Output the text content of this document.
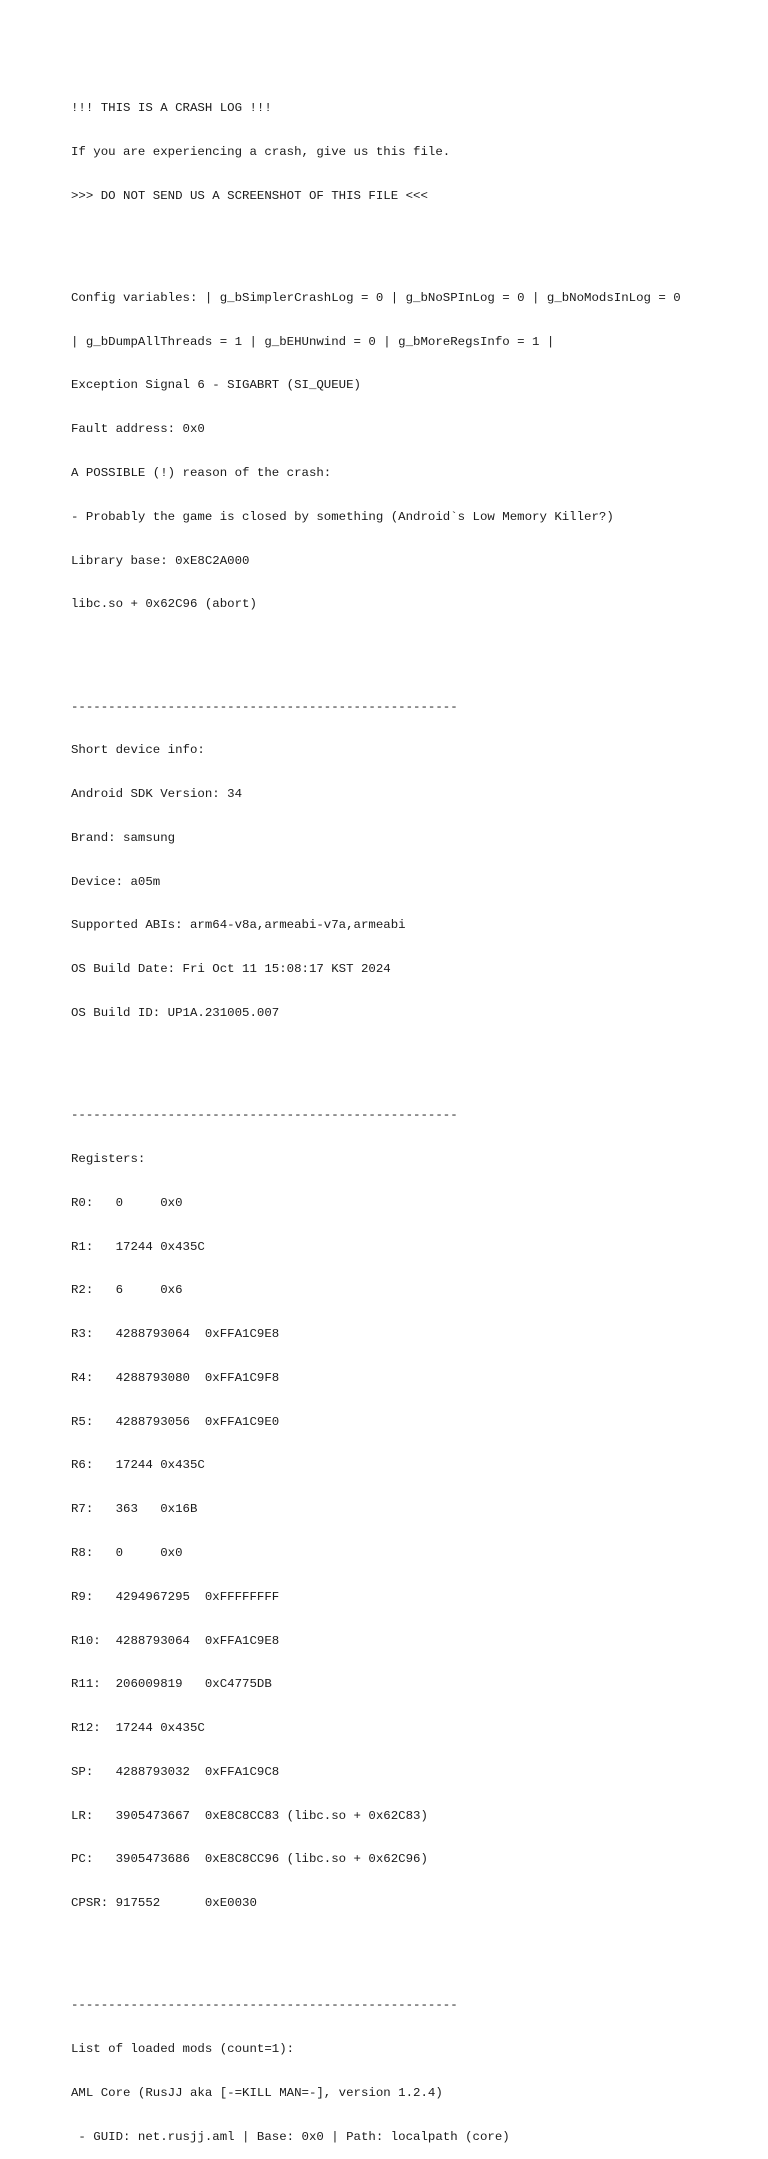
!!! THIS IS A CRASH LOG !!!

If you are experiencing a crash, give us this file.

>>> DO NOT SEND US A SCREENSHOT OF THIS FILE <<<

Config variables: | g_bSimplerCrashLog = 0 | g_bNoSPInLog = 0 | g_bNoModsInLog = 0

| g_bDumpAllThreads = 1 | g_bEHUnwind = 0 | g_bMoreRegsInfo = 1 |

Exception Signal 6 - SIGABRT (SI_QUEUE)

Fault address: 0x0

A POSSIBLE (!) reason of the crash:

- Probably the game is closed by something (Android`s Low Memory Killer?)

Library base: 0xE8C2A000

libc.so + 0x62C96 (abort)

----------------------------------------------------

Short device info:

Android SDK Version: 34

Brand: samsung

Device: a05m

Supported ABIs: arm64-v8a,armeabi-v7a,armeabi

OS Build Date: Fri Oct 11 15:08:17 KST 2024

OS Build ID: UP1A.231005.007

----------------------------------------------------

Registers:

R0:   0     0x0

R1:   17244 0x435C

R2:   6     0x6

R3:   4288793064  0xFFA1C9E8

R4:   4288793080  0xFFA1C9F8

R5:   4288793056  0xFFA1C9E0

R6:   17244 0x435C

R7:   363   0x16B

R8:   0     0x0

R9:   4294967295  0xFFFFFFFF

R10:  4288793064  0xFFA1C9E8

R11:  206009819   0xC4775DB

R12:  17244 0x435C

SP:   4288793032  0xFFA1C9C8

LR:   3905473667  0xE8C8CC83 (libc.so + 0x62C83)

PC:   3905473686  0xE8C8CC96 (libc.so + 0x62C96)

CPSR: 917552      0xE0030

----------------------------------------------------

List of loaded mods (count=1):

AML Core (RusJJ aka [-=KILL MAN=-], version 1.2.4)

- GUID: net.rusjj.aml | Base: 0x0 | Path: localpath (core)
